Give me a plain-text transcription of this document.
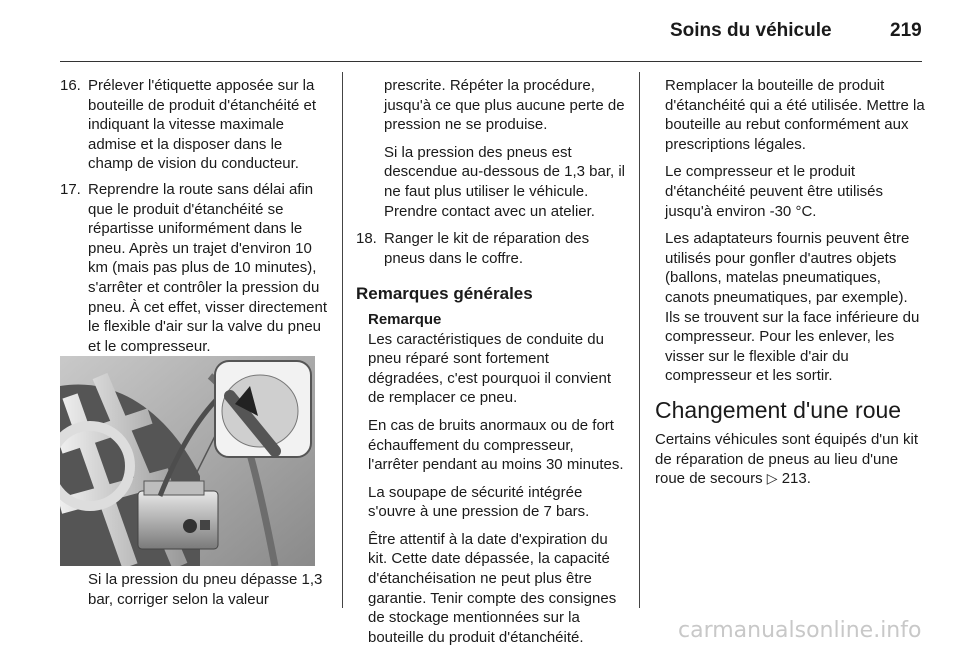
Soins du véhicule	219
16. Prélever l'étiquette apposée sur la bouteille de produit d'étanchéité et indiquant la vitesse maximale admise et la disposer dans le champ de vision du conducteur.
17. Reprendre la route sans délai afin que le produit d'étanchéité se répartisse uniformément dans le pneu. Après un trajet d'environ 10 km (mais pas plus de 10 minutes), s'arrêter et contrôler la pression du pneu. À cet effet, visser directement le flexible d'air sur la valve du pneu et le compresseur.

Si la pression du pneu dépasse 1,3 bar, corriger selon la valeur

prescrite. Répéter la procédure, jusqu'à ce que plus aucune perte de pression ne se produise.

Si la pression des pneus est descendue au-dessous de 1,3 bar, il ne faut plus utiliser le véhicule. Prendre contact avec un atelier.

18. Ranger le kit de réparation des pneus dans le coffre.
Remarques générales
Remarque

Les caractéristiques de conduite du pneu réparé sont fortement dégradées, c'est pourquoi il convient de remplacer ce pneu.

En cas de bruits anormaux ou de fort échauffement du compresseur, l'arrêter pendant au moins 30 minutes.

La soupape de sécurité intégrée s'ouvre à une pression de 7 bars.

Être attentif à la date d'expiration du kit. Cette date dépassée, la capacité d'étanchéisation ne peut plus être garantie. Tenir compte des consignes de stockage mentionnées sur la bouteille du produit d'étanchéité.

Remplacer la bouteille de produit d'étanchéité qui a été utilisée. Mettre la bouteille au rebut conformément aux prescriptions légales.

Le compresseur et le produit d'étanchéité peuvent être utilisés jusqu'à environ -30 °C.

Les adaptateurs fournis peuvent être utilisés pour gonfler d'autres objets (ballons, matelas pneumatiques, canots pneumatiques, par exemple). Ils se trouvent sur la face inférieure du compresseur. Pour les enlever, les visser sur le flexible d'air du compresseur et les sortir.

Changement d'une roue

Certains véhicules sont équipés d'un kit de réparation de pneus au lieu d'une roue de secours ▷ 213.

carmanualsonline.info
